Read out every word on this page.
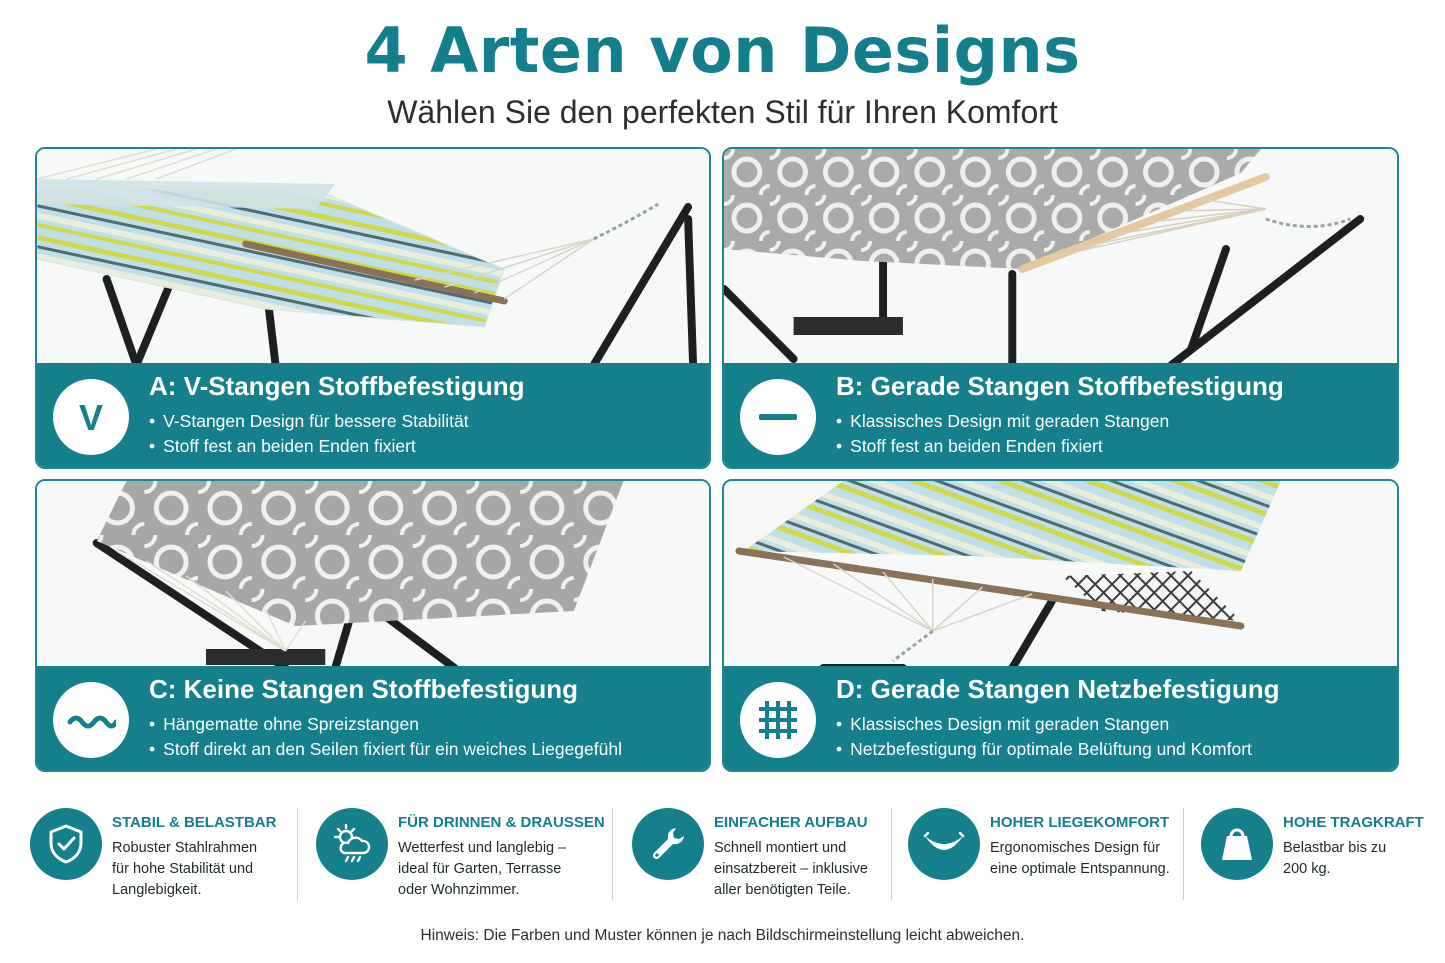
4 Arten von Designs
Wählen Sie den perfekten Stil für Ihren Komfort
V
A: V-Stangen Stoffbefestigung
• V-Stangen Design für bessere Stabilität
• Stoff fest an beiden Enden fixiert
B: Gerade Stangen Stoffbefestigung
• Klassisches Design mit geraden Stangen
• Stoff fest an beiden Enden fixiert
C: Keine Stangen Stoffbefestigung
• Hängematte ohne Spreizstangen
• Stoff direkt an den Seilen fixiert für ein weiches Liegegefühl
D: Gerade Stangen Netzbefestigung
• Klassisches Design mit geraden Stangen
• Netzbefestigung für optimale Belüftung und Komfort
STABIL & BELASTBAR
Robuster Stahlrahmen
für hohe Stabilität und
Langlebigkeit.
FÜR DRINNEN & DRAUSSEN
Wetterfest und langlebig –
ideal für Garten, Terrasse
oder Wohnzimmer.
EINFACHER AUFBAU
Schnell montiert und
einsatzbereit – inklusive
aller benötigten Teile.
HOHER LIEGEKOMFORT
Ergonomisches Design für
eine optimale Entspannung.
HOHE TRAGKRAFT
Belastbar bis zu
200 kg.
Hinweis: Die Farben und Muster können je nach Bildschirmeinstellung leicht abweichen.
